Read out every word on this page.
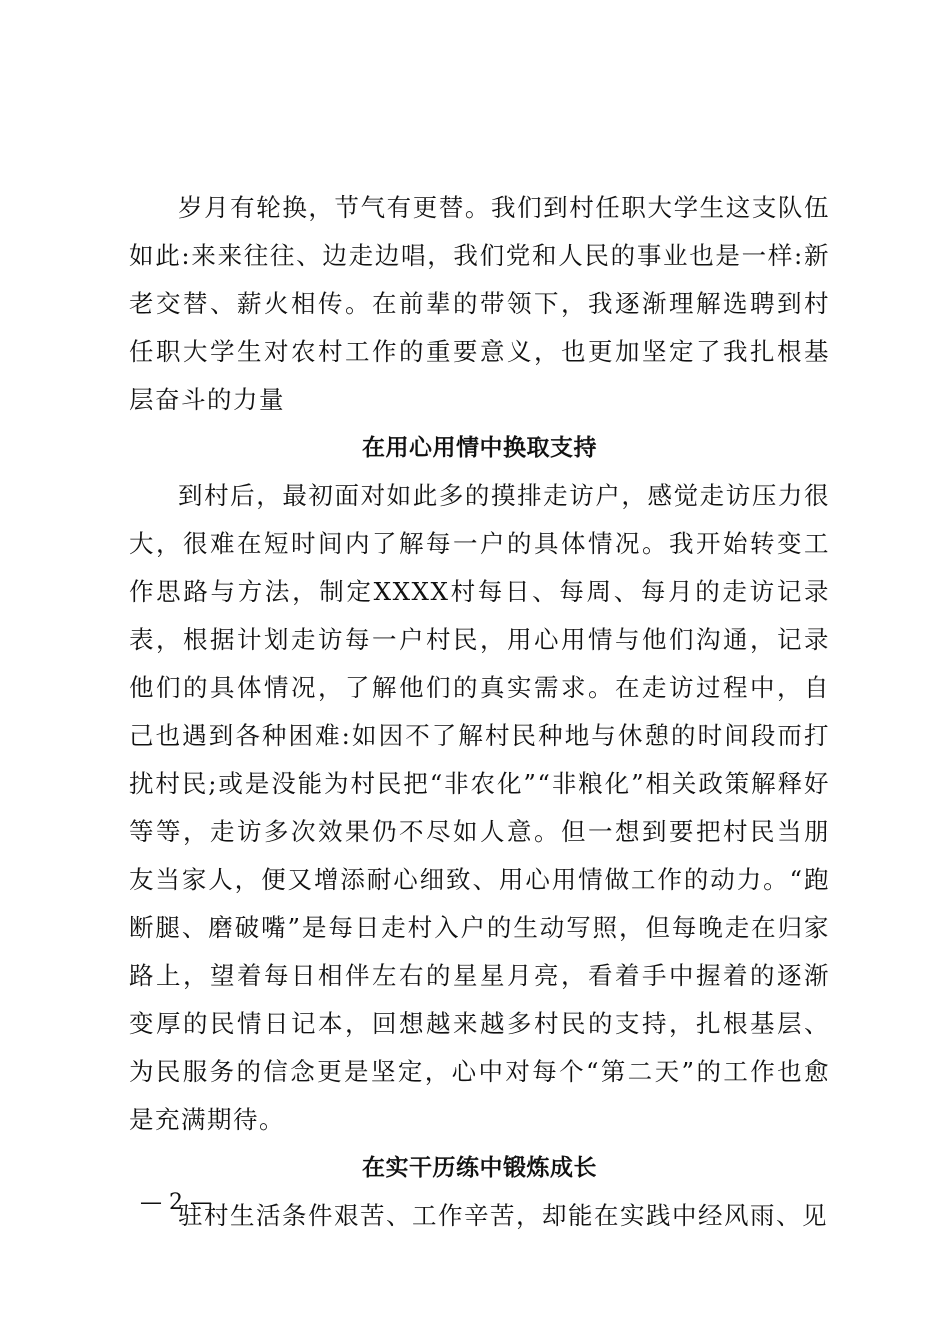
岁月有轮换，节气有更替。我们到村任职大学生这支队伍如此:来来往往、边走边唱，我们党和人民的事业也是一样:新老交替、薪火相传。在前辈的带领下，我逐渐理解选聘到村任职大学生对农村工作的重要意义，也更加坚定了我扎根基层奋斗的力量

在用心用情中换取支持

到村后，最初面对如此多的摸排走访户，感觉走访压力很大，很难在短时间内了解每一户的具体情况。我开始转变工作思路与方法，制定XXXX村每日、每周、每月的走访记录表，根据计划走访每一户村民，用心用情与他们沟通，记录他们的具体情况，了解他们的真实需求。在走访过程中，自己也遇到各种困难:如因不了解村民种地与休憩的时间段而打扰村民;或是没能为村民把“非农化”“非粮化”相关政策解释好等等，走访多次效果仍不尽如人意。但一想到要把村民当朋友当家人，便又增添耐心细致、用心用情做工作的动力。“跑断腿、磨破嘴”是每日走村入户的生动写照，但每晚走在归家路上，望着每日相伴左右的星星月亮，看着手中握着的逐渐变厚的民情日记本，回想越来越多村民的支持，扎根基层、为民服务的信念更是坚定，心中对每个“第二天”的工作也愈是充满期待。

在实干历练中锻炼成长

驻村生活条件艰苦、工作辛苦，却能在实践中经风雨、见

— 2 —
